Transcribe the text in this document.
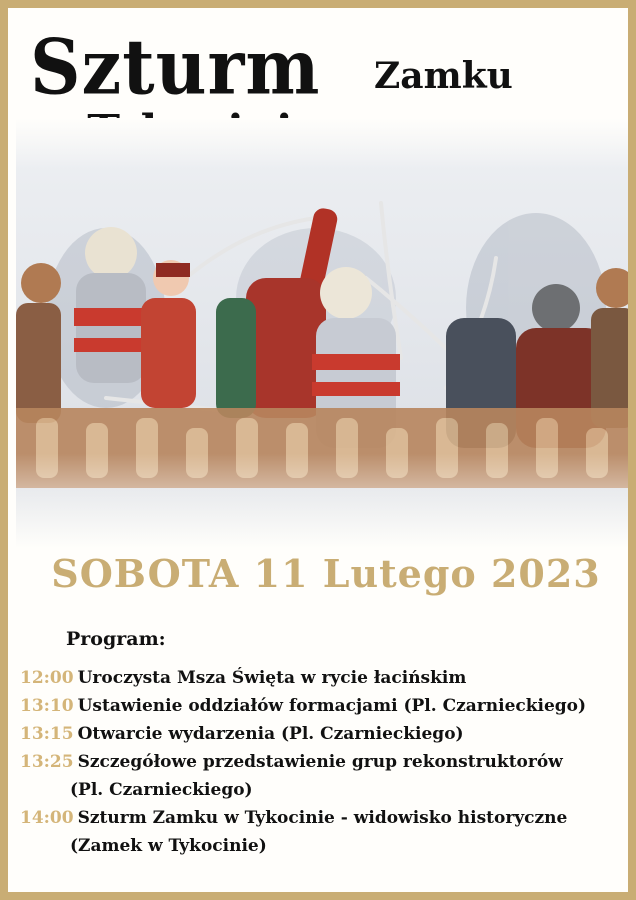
Szturm Zamku
SOBOTA 11 Lutego 2023
Program:
12:00 Uroczysta Msza Święta w rycie łacińskim
13:10 Ustawienie oddziałów formacjami (Pl. Czarnieckiego)
13:15 Otwarcie wydarzenia (Pl. Czarnieckiego)
13:25 Szczegółowe przedstawienie grup rekonstruktorów
(Pl. Czarnieckiego)
14:00 Szturm Zamku w Tykocinie - widowisko historyczne
(Zamek w Tykocinie)
